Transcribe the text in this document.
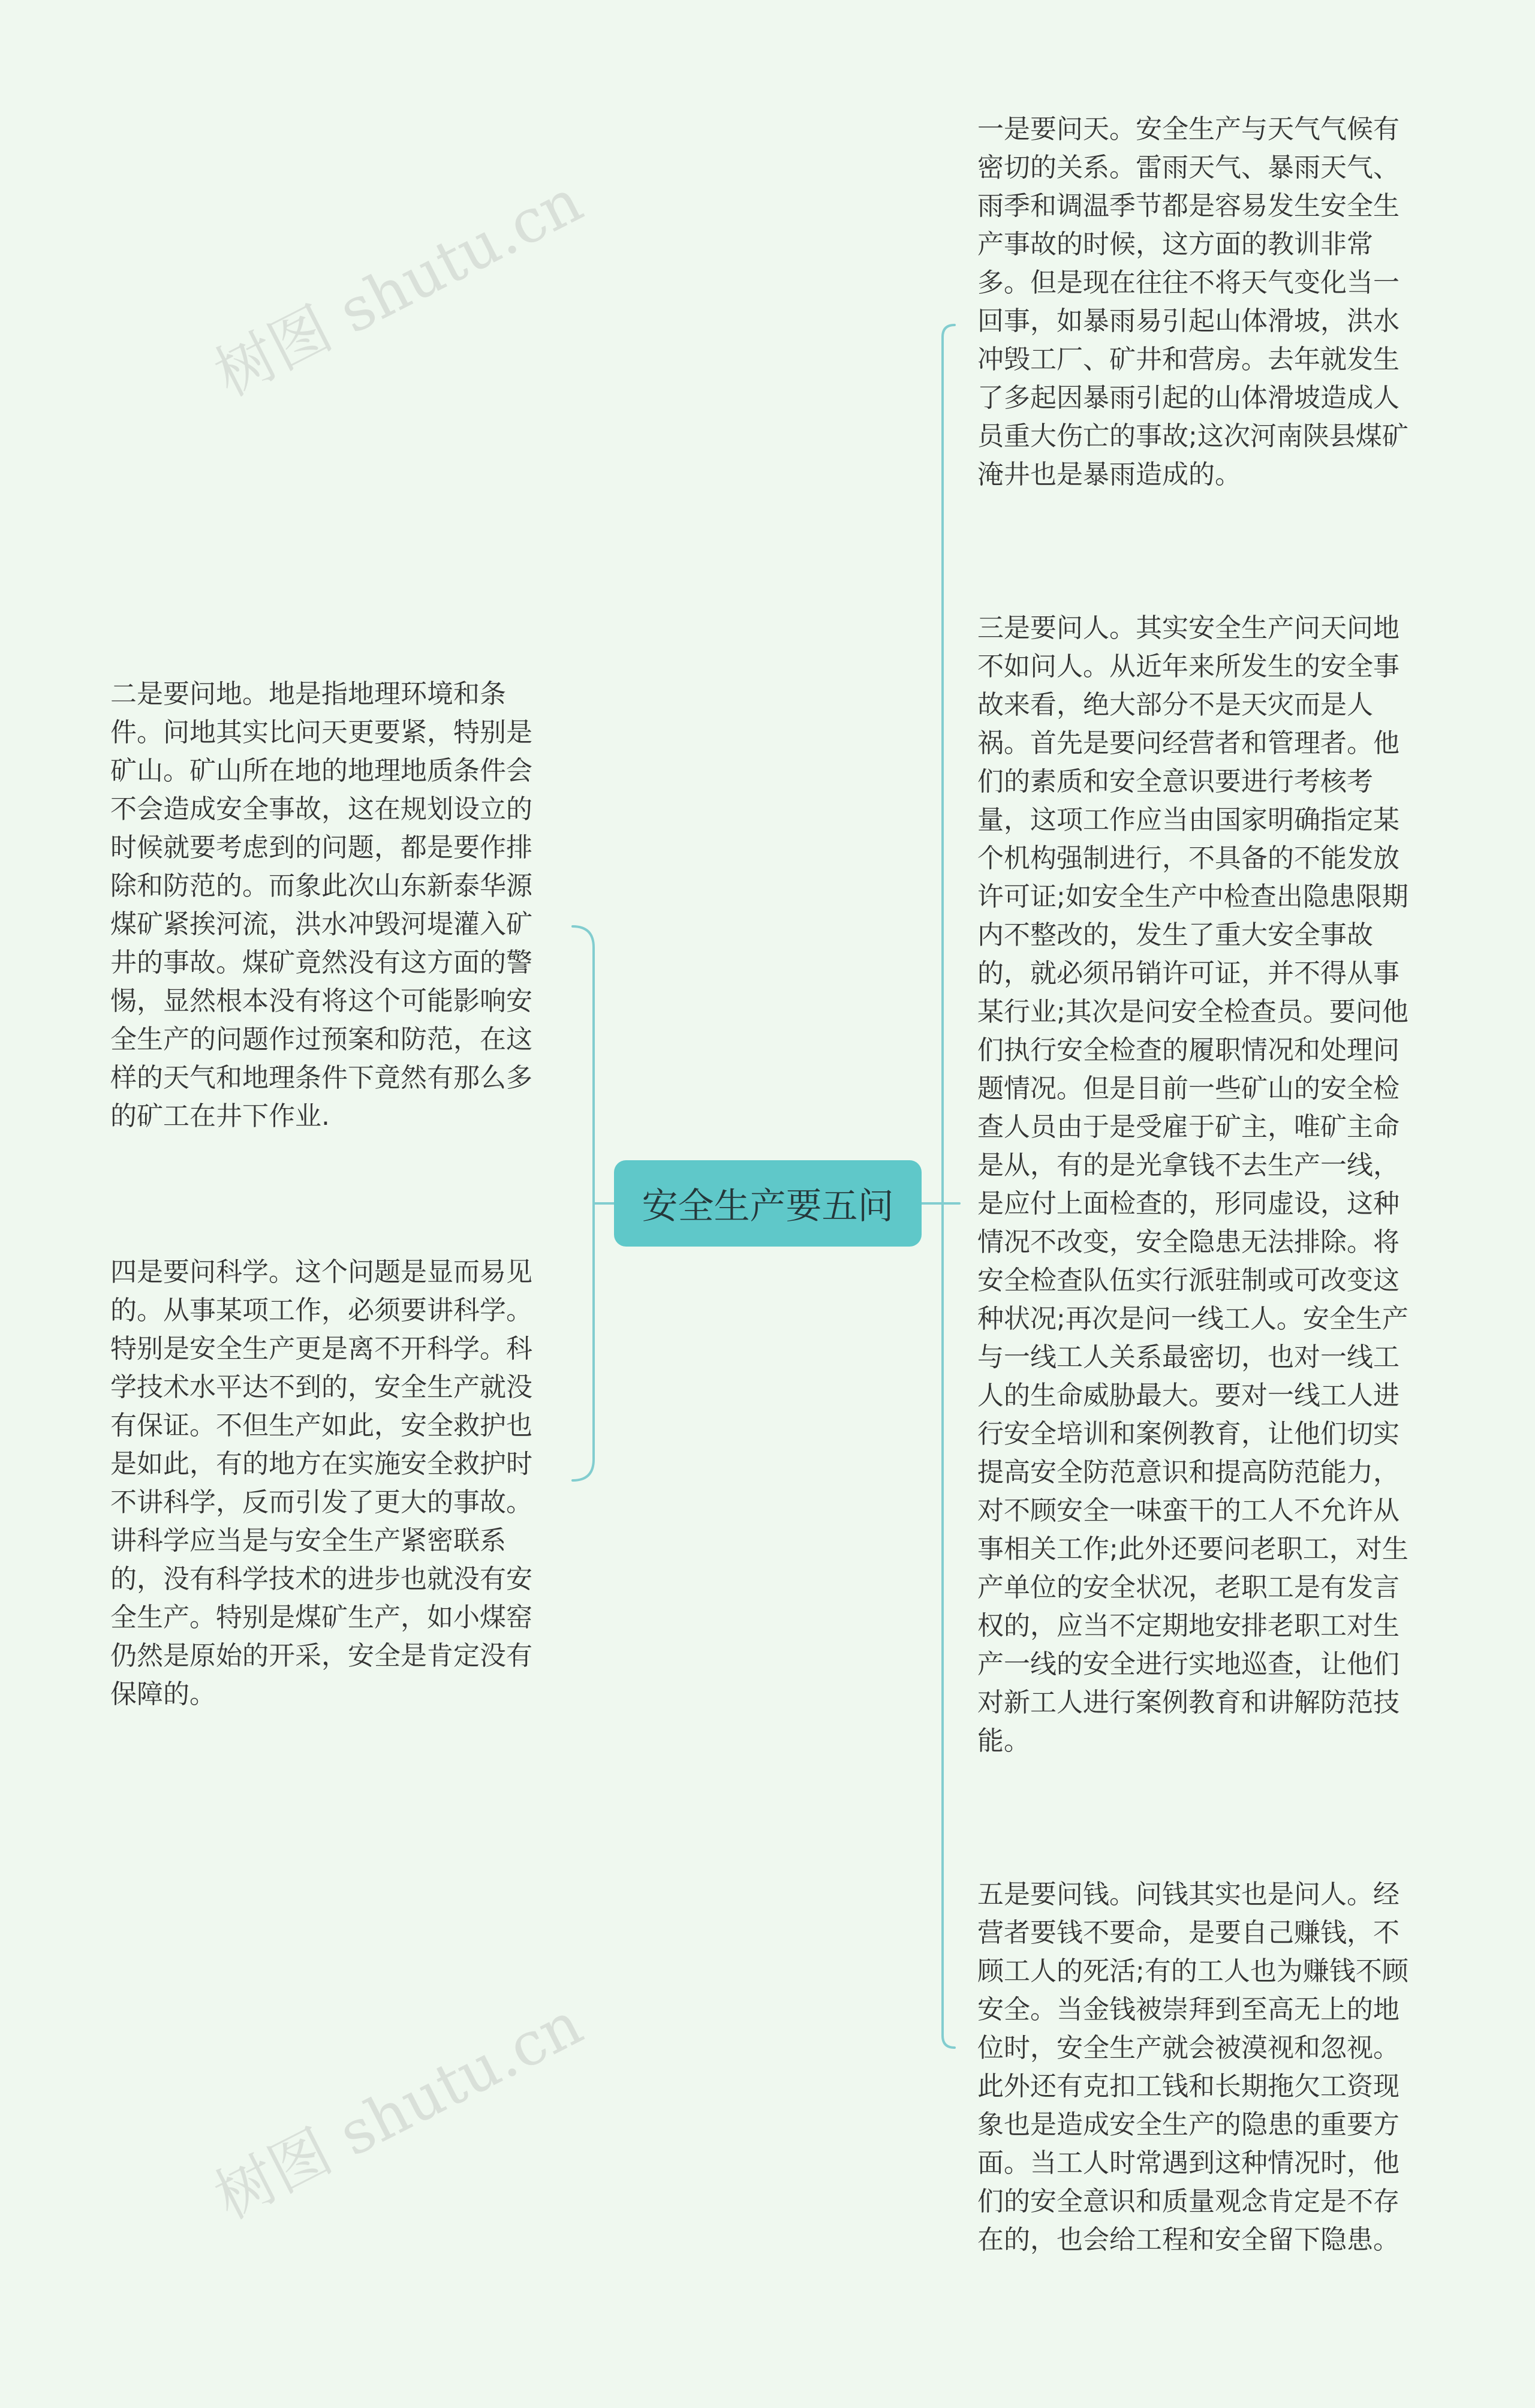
树图 shutu.cn
树图 shutu.cn
安全生产要五问

一是要问天。安全生产与天气气候有密切的关系。雷雨天气、暴雨天气、雨季和调温季节都是容易发生安全生产事故的时候，这方面的教训非常多。但是现在往往不将天气变化当一回事，如暴雨易引起山体滑坡，洪水冲毁工厂、矿井和营房。去年就发生了多起因暴雨引起的山体滑坡造成人员重大伤亡的事故;这次河南陕县煤矿淹井也是暴雨造成的。

三是要问人。其实安全生产问天问地不如问人。从近年来所发生的安全事故来看，绝大部分不是天灾而是人祸。首先是要问经营者和管理者。他们的素质和安全意识要进行考核考量，这项工作应当由国家明确指定某个机构强制进行，不具备的不能发放许可证;如安全生产中检查出隐患限期内不整改的，发生了重大安全事故的，就必须吊销许可证，并不得从事某行业;其次是问安全检查员。要问他们执行安全检查的履职情况和处理问题情况。但是目前一些矿山的安全检查人员由于是受雇于矿主，唯矿主命是从，有的是光拿钱不去生产一线，是应付上面检查的，形同虚设，这种情况不改变，安全隐患无法排除。将安全检查队伍实行派驻制或可改变这种状况;再次是问一线工人。安全生产与一线工人关系最密切，也对一线工人的生命威胁最大。要对一线工人进行安全培训和案例教育，让他们切实提高安全防范意识和提高防范能力，对不顾安全一味蛮干的工人不允许从事相关工作;此外还要问老职工，对生产单位的安全状况，老职工是有发言权的，应当不定期地安排老职工对生产一线的安全进行实地巡查，让他们对新工人进行案例教育和讲解防范技能。

五是要问钱。问钱其实也是问人。经营者要钱不要命，是要自己赚钱，不顾工人的死活;有的工人也为赚钱不顾安全。当金钱被崇拜到至高无上的地位时，安全生产就会被漠视和忽视。此外还有克扣工钱和长期拖欠工资现象也是造成安全生产的隐患的重要方面。当工人时常遇到这种情况时，他们的安全意识和质量观念肯定是不存在的，也会给工程和安全留下隐患。

二是要问地。地是指地理环境和条件。问地其实比问天更要紧，特别是矿山。矿山所在地的地理地质条件会不会造成安全事故，这在规划设立的时候就要考虑到的问题，都是要作排除和防范的。而象此次山东新泰华源煤矿紧挨河流，洪水冲毁河堤灌入矿井的事故。煤矿竟然没有这方面的警惕，显然根本没有将这个可能影响安全生产的问题作过预案和防范，在这样的天气和地理条件下竟然有那么多的矿工在井下作业.

四是要问科学。这个问题是显而易见的。从事某项工作，必须要讲科学。特别是安全生产更是离不开科学。科学技术水平达不到的，安全生产就没有保证。不但生产如此，安全救护也是如此，有的地方在实施安全救护时不讲科学，反而引发了更大的事故。讲科学应当是与安全生产紧密联系的，没有科学技术的进步也就没有安全生产。特别是煤矿生产，如小煤窑仍然是原始的开采，安全是肯定没有保障的。
